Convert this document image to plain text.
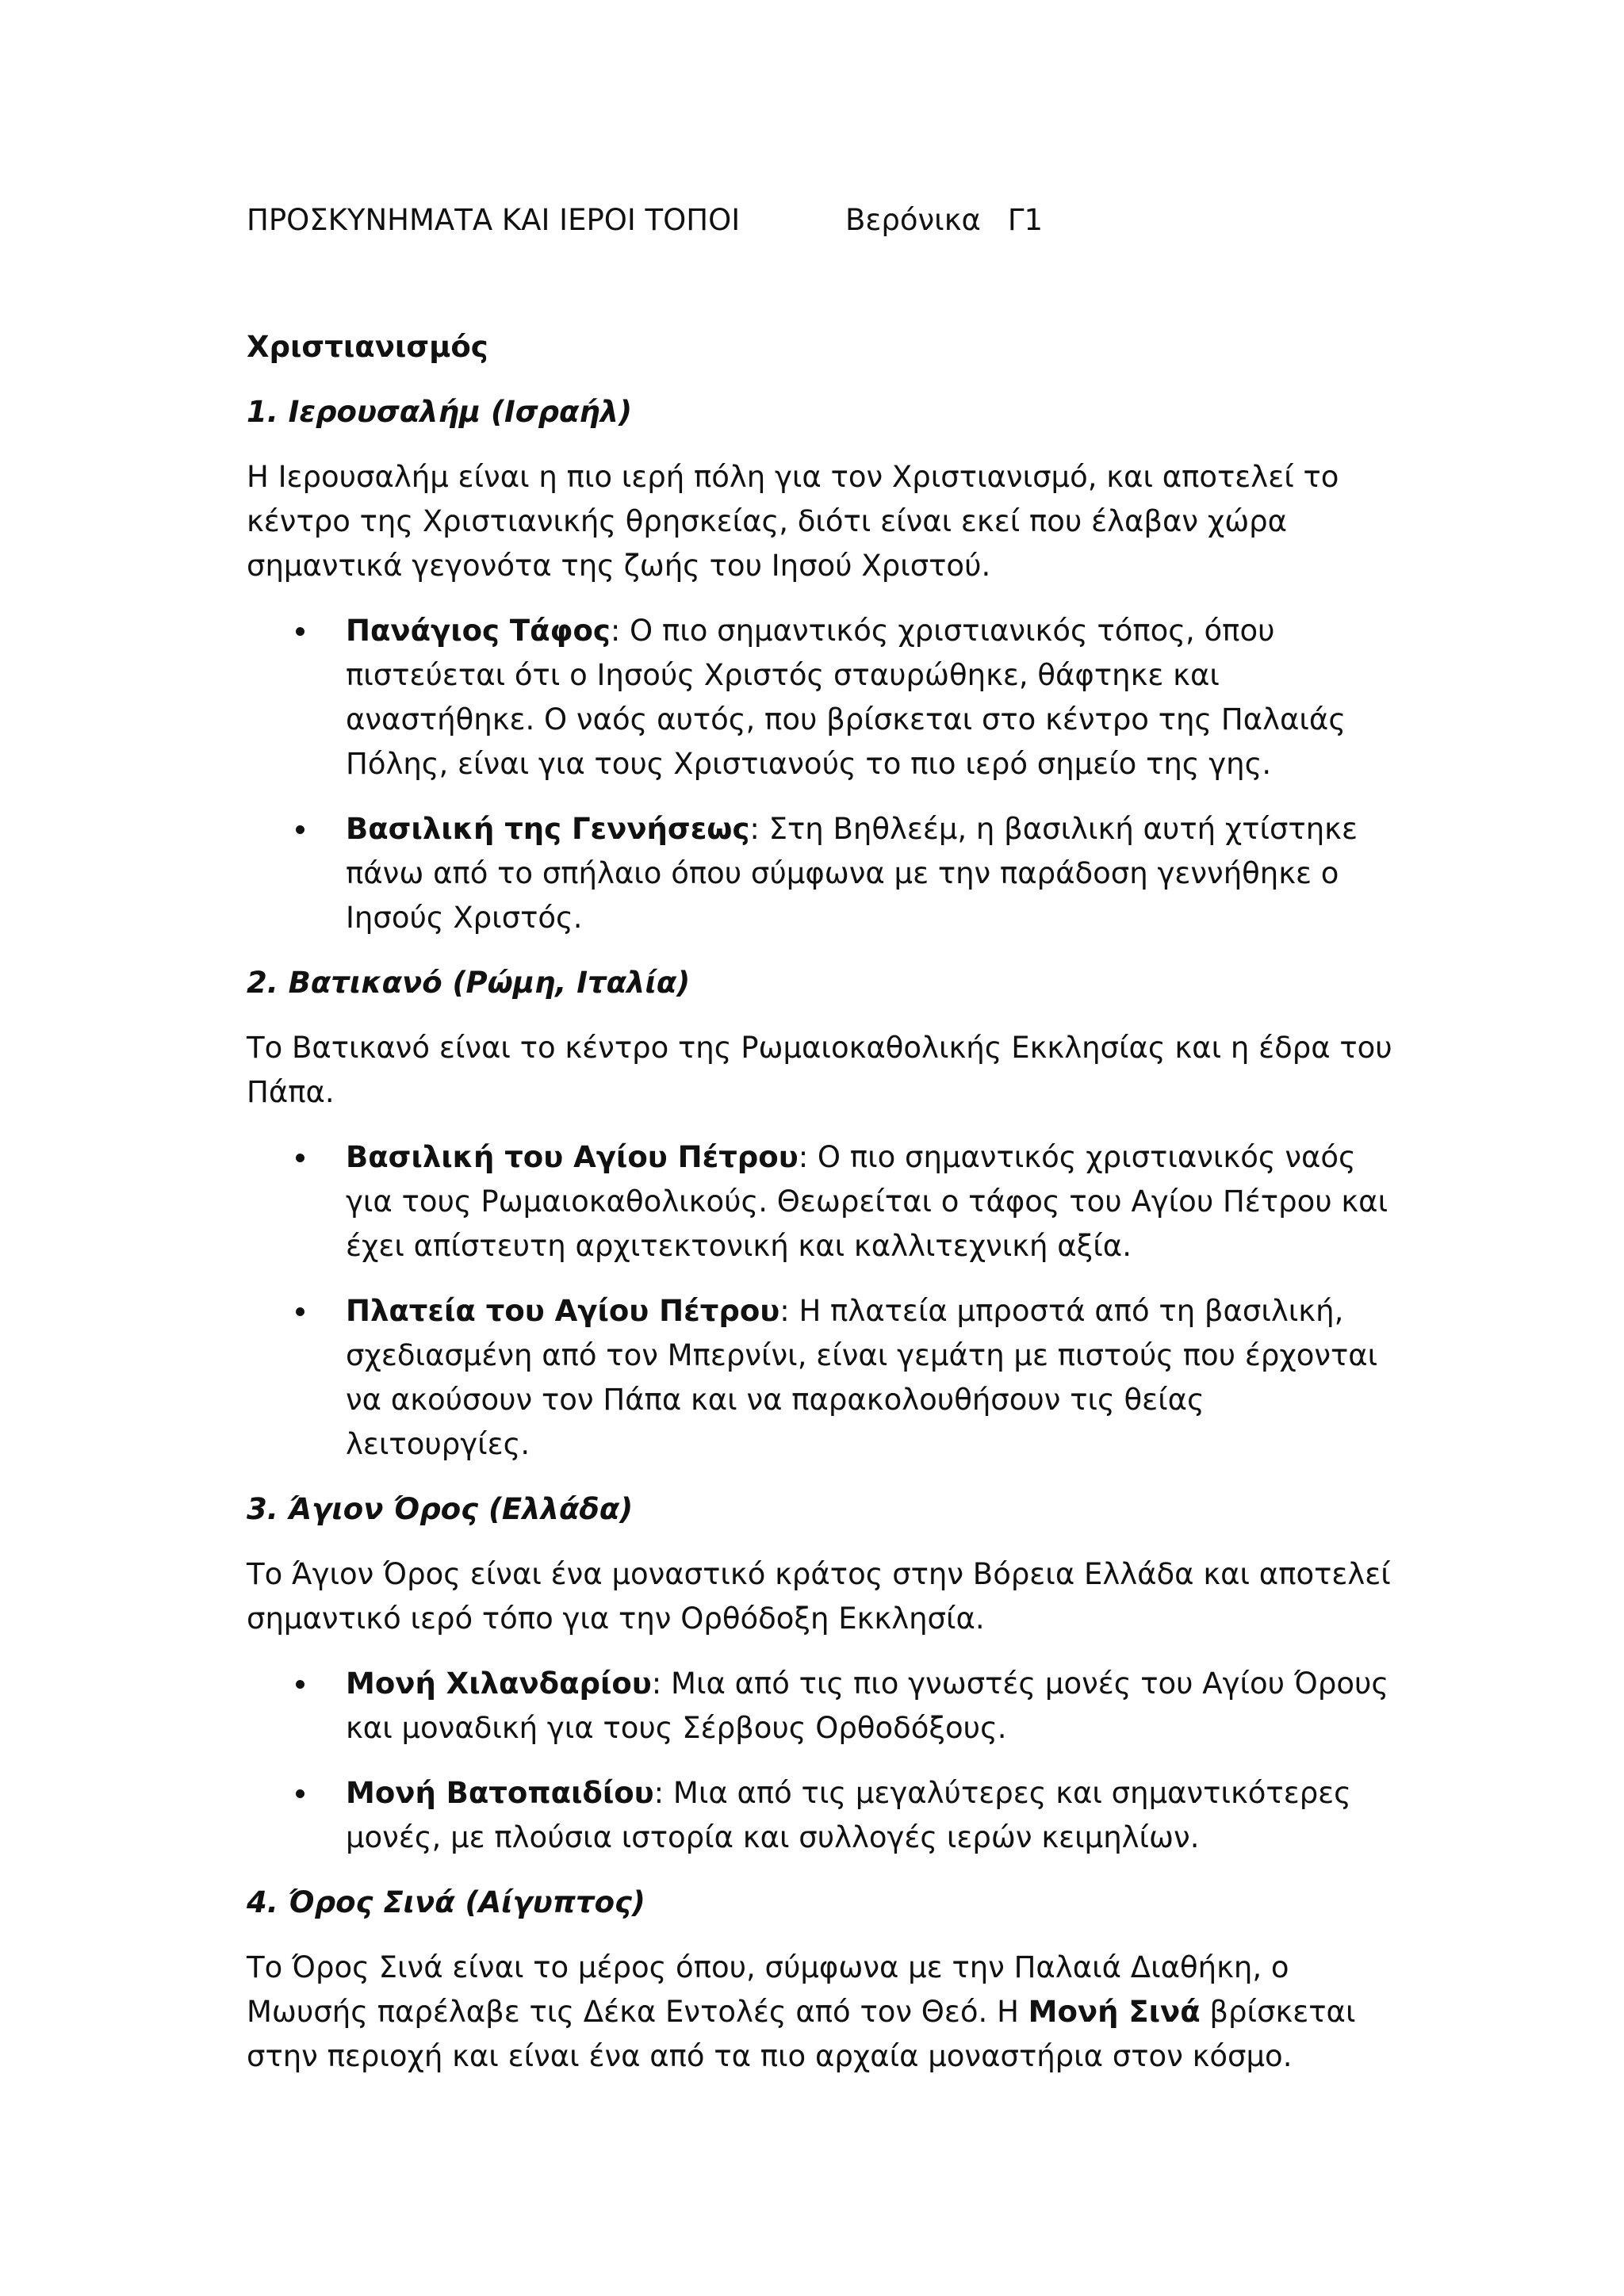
ΠΡΟΣΚΥΝΗΜΑΤΑ ΚΑΙ ΙΕΡΟΙ ΤΟΠΟΙ	Βερόνικα Γ1
Χριστιανισμός
1. Ιερουσαλήμ (Ισραήλ)

Η Ιερουσαλήμ είναι η πιο ιερή πόλη για τον Χριστιανισμό, και αποτελεί το κέντρο της Χριστιανικής θρησκείας, διότι είναι εκεί που έλαβαν χώρα σημαντικά γεγονότα της ζωής του Ιησού Χριστού.

Πανάγιος Τάφος: Ο πιο σημαντικός χριστιανικός τόπος, όπου πιστεύεται ότι ο Ιησούς Χριστός σταυρώθηκε, θάφτηκε και αναστήθηκε. Ο ναός αυτός, που βρίσκεται στο κέντρο της Παλαιάς Πόλης, είναι για τους Χριστιανούς το πιο ιερό σημείο της γης.
Βασιλική της Γεννήσεως: Στη Βηθλεέμ, η βασιλική αυτή χτίστηκε πάνω από το σπήλαιο όπου σύμφωνα με την παράδοση γεννήθηκε ο Ιησούς Χριστός.
2. Βατικανό (Ρώμη, Ιταλία)

Το Βατικανό είναι το κέντρο της Ρωμαιοκαθολικής Εκκλησίας και η έδρα του Πάπα.

Βασιλική του Αγίου Πέτρου: Ο πιο σημαντικός χριστιανικός ναός για τους Ρωμαιοκαθολικούς. Θεωρείται ο τάφος του Αγίου Πέτρου και έχει απίστευτη αρχιτεκτονική και καλλιτεχνική αξία.
Πλατεία του Αγίου Πέτρου: Η πλατεία μπροστά από τη βασιλική, σχεδιασμένη από τον Μπερνίνι, είναι γεμάτη με πιστούς που έρχονται να ακούσουν τον Πάπα και να παρακολουθήσουν τις θείας λειτουργίες.
3. Άγιον Όρος (Ελλάδα)

Το Άγιον Όρος είναι ένα μοναστικό κράτος στην Βόρεια Ελλάδα και αποτελεί σημαντικό ιερό τόπο για την Ορθόδοξη Εκκλησία.

Μονή Χιλανδαρίου: Μια από τις πιο γνωστές μονές του Αγίου Όρους και μοναδική για τους Σέρβους Ορθοδόξους.
Μονή Βατοπαιδίου: Μια από τις μεγαλύτερες και σημαντικότερες μονές, με πλούσια ιστορία και συλλογές ιερών κειμηλίων.
4. Όρος Σινά (Αίγυπτος)

Το Όρος Σινά είναι το μέρος όπου, σύμφωνα με την Παλαιά Διαθήκη, ο Μωυσής παρέλαβε τις Δέκα Εντολές από τον Θεό. Η Μονή Σινά βρίσκεται στην περιοχή και είναι ένα από τα πιο αρχαία μοναστήρια στον κόσμο.
